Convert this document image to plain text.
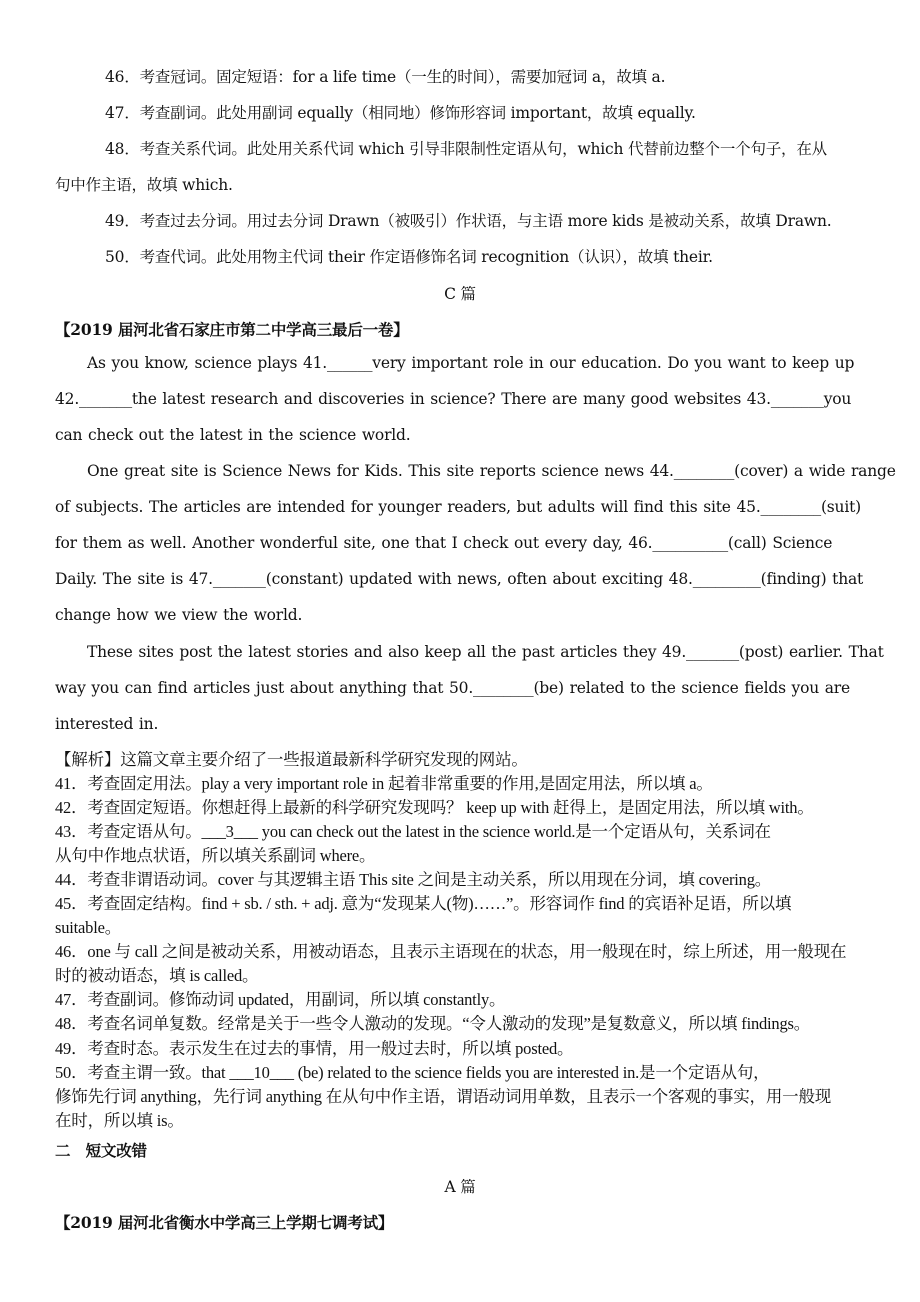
46．考查冠词。固定短语：for a life time（一生的时间），需要加冠词 a，故填 a.
47．考查副词。此处用副词 equally（相同地）修饰形容词 important，故填 equally.
48．考查关系代词。此处用关系代词 which 引导非限制性定语从句，which 代替前边整个一个句子，在从
句中作主语，故填 which.
49．考查过去分词。用过去分词 Drawn（被吸引）作状语，与主语 more kids 是被动关系，故填 Drawn.
50．考查代词。此处用物主代词 their 作定语修饰名词 recognition（认识），故填 their.
C 篇
【2019 届河北省石家庄市第二中学高三最后一卷】
As you know, science plays 41.______very important role in our education. Do you want to keep up
42._______the latest research and discoveries in science? There are many good websites 43._______you
can check out the latest in the science world.
One great site is Science News for Kids. This site reports science news 44.________(cover) a wide range
of subjects. The articles are intended for younger readers, but adults will find this site 45.________(suit)
for them as well. Another wonderful site, one that I check out every day, 46.__________(call) Science
Daily. The site is 47._______(constant) updated with news, often about exciting 48._________(finding) that
change how we view the world.
These sites post the latest stories and also keep all the past articles they 49._______(post) earlier. That
way you can find articles just about anything that 50.________(be) related to the science fields you are
interested in.
【解析】这篇文章主要介绍了一些报道最新科学研究发现的网站。
41．考查固定用法。play a very important role in 起着非常重要的作用,是固定用法，所以填 a。
42．考查固定短语。你想赶得上最新的科学研究发现吗？ keep up with 赶得上，是固定用法，所以填 with。
43．考查定语从句。___3___ you can check out the latest in the science world.是一个定语从句，关系词在
从句中作地点状语，所以填关系副词 where。
44．考查非谓语动词。cover 与其逻辑主语 This site 之间是主动关系，所以用现在分词，填 covering。
45．考查固定结构。find + sb. / sth. + adj. 意为“发现某人(物)……”。形容词作 find 的宾语补足语，所以填
suitable。
46．one 与 call 之间是被动关系，用被动语态，且表示主语现在的状态，用一般现在时，综上所述，用一般现在
时的被动语态，填 is called。
47．考查副词。修饰动词 updated，用副词，所以填 constantly。
48．考查名词单复数。经常是关于一些令人激动的发现。“令人激动的发现”是复数意义，所以填 findings。
49．考查时态。表示发生在过去的事情，用一般过去时，所以填 posted。
50．考查主谓一致。that ___10___ (be) related to the science fields you are interested in.是一个定语从句，
修饰先行词 anything，先行词 anything 在从句中作主语，谓语动词用单数，且表示一个客观的事实，用一般现
在时，所以填 is。
二　短文改错
A 篇
【2019 届河北省衡水中学高三上学期七调考试】
